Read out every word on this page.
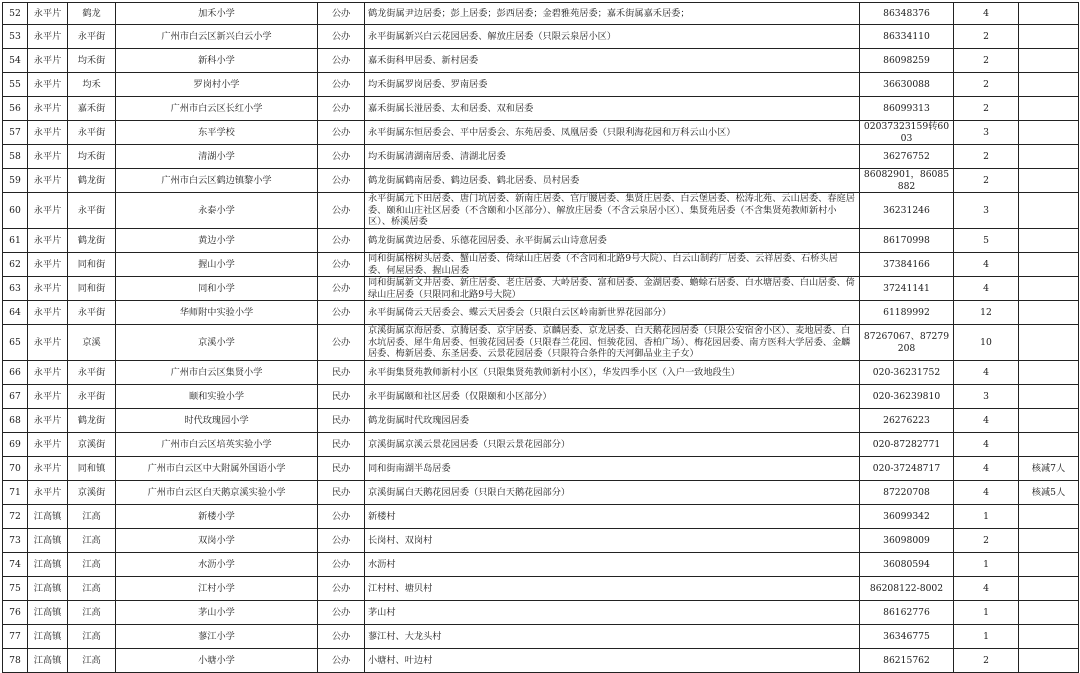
52	永平片	鹤龙	加禾小学	公办	鹤龙街属尹边居委；彭上居委；彭西居委；金碧雅苑居委；嘉禾街属嘉禾居委；	86348376	4	
53	永平片	永平街	广州市白云区新兴白云小学	公办	永平街属新兴白云花园居委、解放庄居委（只限云泉居小区）	86334110	2	
54	永平片	均禾街	新科小学	公办	嘉禾街科甲居委、新村居委	86098259	2	
55	永平片	均禾	罗岗村小学	公办	均禾街属罗岗居委、罗南居委	36630088	2	
56	永平片	嘉禾街	广州市白云区长红小学	公办	嘉禾街属长湴居委、太和居委、双和居委	86099313	2	
57	永平片	永平街	东平学校	公办	永平街属东恒居委会、平中居委会、东苑居委、凤凰居委（只限利海花园和万科云山小区）	02037323159转6003	3	
58	永平片	均禾街	清湖小学	公办	均禾街属清湖南居委、清湖北居委	36276752	2	
59	永平片	鹤龙街	广州市白云区鹤边镇黎小学	公办	鹤龙街属鹤南居委、鹤边居委、鹤北居委、员村居委	86082901，86085882	2	
60	永平片	永平街	永泰小学	公办	永平街属元下田居委、唐门坑居委、新南庄居委、官厅腰居委、集贤庄居委、白云堡居委、松涛北苑、云山居委、春庭居委、颐和山庄社区居委（不含颐和小区部分）、解放庄居委（不含云泉居小区）、集贤苑居委（不含集贤苑教师新村小区）、桥溪居委	36231246	3	
61	永平片	鹤龙街	黄边小学	公办	鹤龙街属黄边居委、乐德花园居委、永平街属云山诗意居委	86170998	5	
62	永平片	同和街	握山小学	公办	同和街属榕树头居委、蟹山居委、倚绿山庄居委（不含同和北路9号大院）、白云山制药厂居委、云祥居委、石桥头居委、何屋居委、握山居委	37384166	4	
63	永平片	同和街	同和小学	公办	同和街属新文井居委、新庄居委、老庄居委、大岭居委、富和居委、金湖居委、蟾蜍石居委、白水塘居委、白山居委、倚绿山庄居委（只限同和北路9号大院）	37241141	4	
64	永平片	永平街	华师附中实验小学	公办	永平街属倚云天居委会、蝶云天居委会（只限白云区岭南新世界花园部分）	61189992	12	
65	永平片	京溪	京溪小学	公办	京溪街属京海居委、京腾居委、京宇居委、京麟居委、京龙居委、白天鹅花园居委（只限公安宿舍小区）、麦地居委、白水坑居委、犀牛角居委、恒骏花园居委（只限春兰花园、恒骏花园、香柏广场）、梅花园居委、南方医科大学居委、金麟居委、梅新居委、东圣居委、云景花园居委（只限符合条件的天河御品业主子女）	87267067、87279208	10	
66	永平片	永平街	广州市白云区集贤小学	民办	永平街集贤苑教师新村小区（只限集贤苑教师新村小区），华发四季小区（入户一致地段生）	020-36231752	4	
67	永平片	永平街	颐和实验小学	民办	永平街属颐和社区居委（仅限颐和小区部分）	020-36239810	3	
68	永平片	鹤龙街	时代玫瑰园小学	民办	鹤龙街属时代玫瑰园居委	26276223	4	
69	永平片	京溪街	广州市白云区培英实验小学	民办	京溪街属京溪云景花园居委（只限云景花园部分）	020-87282771	4	
70	永平片	同和镇	广州市白云区中大附属外国语小学	民办	同和街南湖半岛居委	020-37248717	4	核减7人
71	永平片	京溪街	广州市白云区白天鹅京溪实验小学	民办	京溪街属白天鹅花园居委（只限白天鹅花园部分）	87220708	4	核减5人
72	江高镇	江高	新楼小学	公办	新楼村	36099342	1	
73	江高镇	江高	双岗小学	公办	长岗村、双岗村	36098009	2	
74	江高镇	江高	水沥小学	公办	水沥村	36080594	1	
75	江高镇	江高	江村小学	公办	江村村、塘贝村	86208122-8002	4	
76	江高镇	江高	茅山小学	公办	茅山村	86162776	1	
77	江高镇	江高	蓼江小学	公办	蓼江村、大龙头村	36346775	1	
78	江高镇	江高	小塘小学	公办	小塘村、叶边村	86215762	2	
